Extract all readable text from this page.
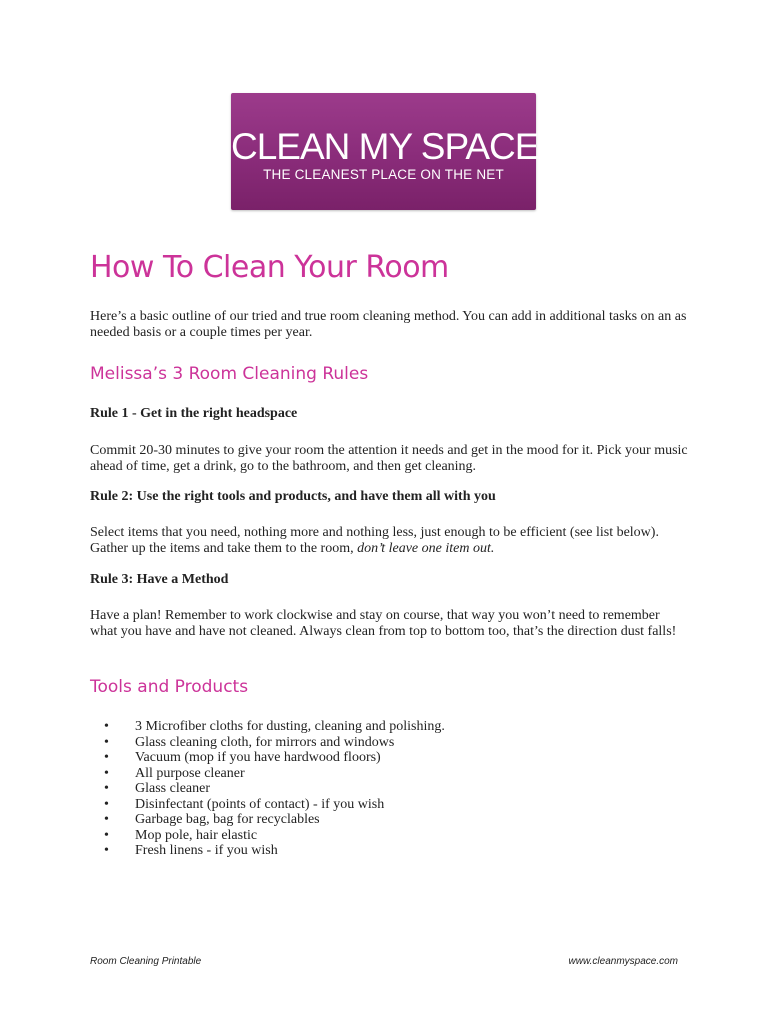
CLEAN MY SPACE
THE CLEANEST PLACE ON THE NET
How To Clean Your Room

Here’s a basic outline of our tried and true room cleaning method. You can add in additional tasks on an as needed basis or a couple times per year.

Melissa’s 3 Room Cleaning Rules

Rule 1 - Get in the right headspace

Commit 20-30 minutes to give your room the attention it needs and get in the mood for it. Pick your music ahead of time, get a drink, go to the bathroom, and then get cleaning.

Rule 2: Use the right tools and products, and have them all with you

Select items that you need, nothing more and nothing less, just enough to be efficient (see list below). Gather up the items and take them to the room, don’t leave one item out.

Rule 3: Have a Method

Have a plan! Remember to work clockwise and stay on course, that way you won’t need to remember what you have and have not cleaned. Always clean from top to bottom too, that’s the direction dust falls!

Tools and Products
• 3 Microfiber cloths for dusting, cleaning and polishing.
• Glass cleaning cloth, for mirrors and windows
• Vacuum (mop if you have hardwood floors)
• All purpose cleaner
• Glass cleaner
• Disinfectant (points of contact) - if you wish
• Garbage bag, bag for recyclables
• Mop pole, hair elastic
• Fresh linens - if you wish

Room Cleaning Printable	www.cleanmyspace.com
